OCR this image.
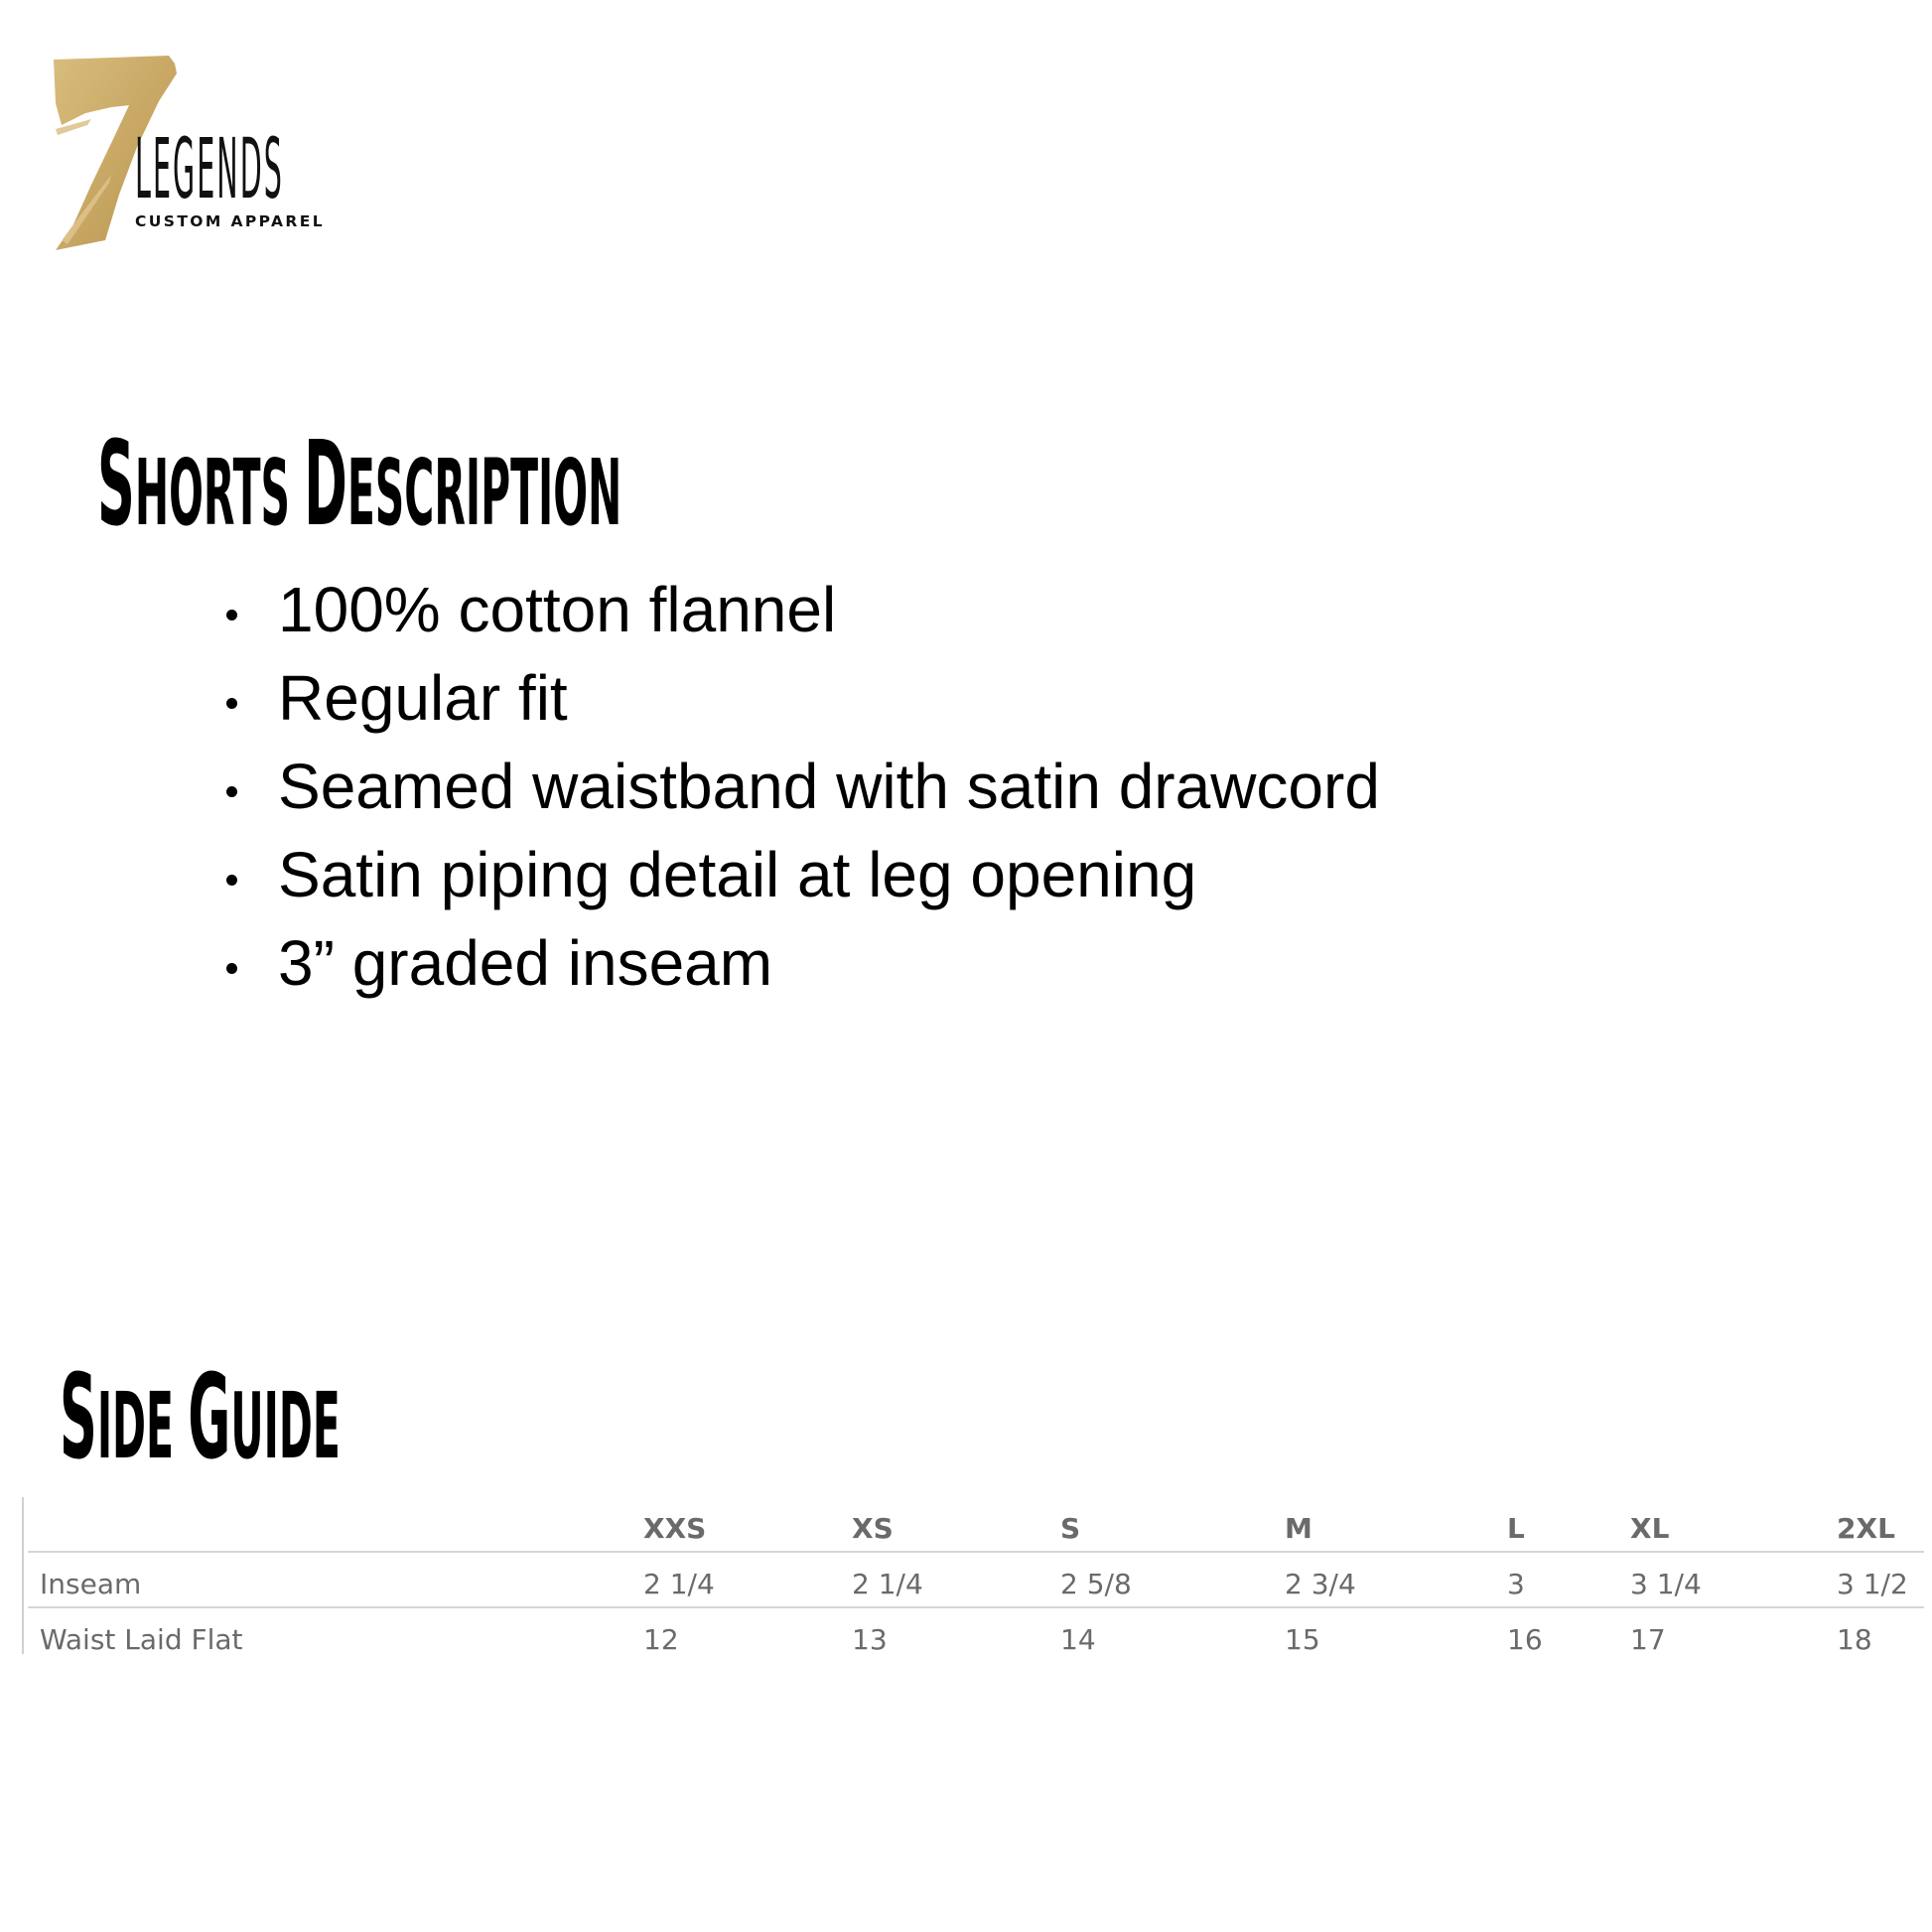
LEGENDS
CUSTOM APPAREL
SHORTS DESCRIPTION
100% cotton flannel
Regular fit
Seamed waistband with satin drawcord
Satin piping detail at leg opening
3” graded inseam
SIDE GUIDE
XXS	XS	S	M	L	XL	2XL
Inseam	2 1/4	2 1/4	2 5/8	2 3/4	3	3 1/4	3 1/2
Waist Laid Flat	12	13	14	15	16	17	18
